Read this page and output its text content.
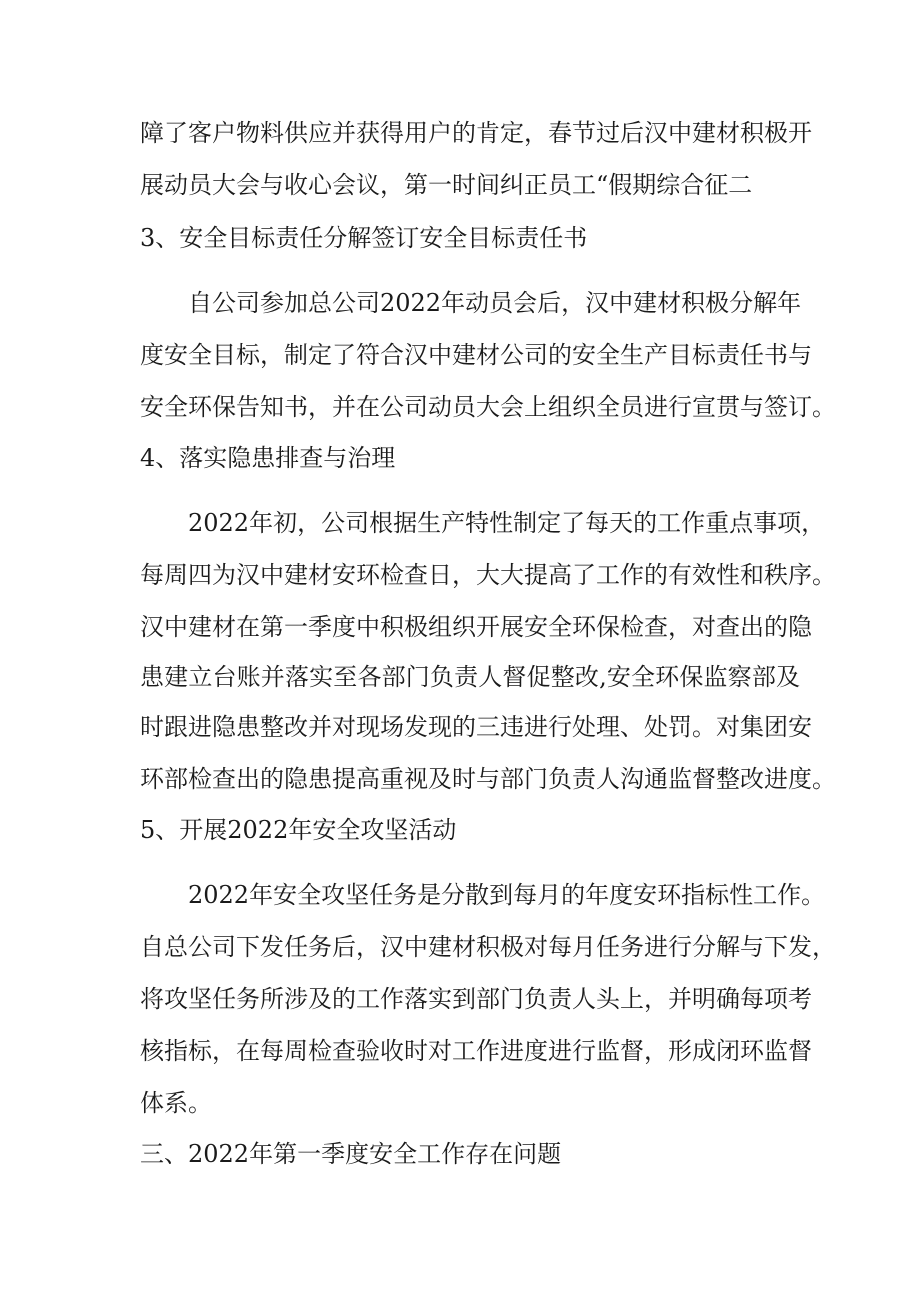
障了客户物料供应并获得用户的肯定，春节过后汉中建材积极开

展动员大会与收心会议，第一时间纠正员工“假期综合征二

3、安全目标责任分解签订安全目标责任书

自公司参加总公司2022年动员会后，汉中建材积极分解年

度安全目标，制定了符合汉中建材公司的安全生产目标责任书与

安全环保告知书，并在公司动员大会上组织全员进行宣贯与签订。

4、落实隐患排查与治理

2022年初，公司根据生产特性制定了每天的工作重点事项，

每周四为汉中建材安环检查日，大大提高了工作的有效性和秩序。

汉中建材在第一季度中积极组织开展安全环保检查，对查出的隐

患建立台账并落实至各部门负责人督促整改,安全环保监察部及

时跟进隐患整改并对现场发现的三违进行处理、处罚。对集团安

环部检查出的隐患提高重视及时与部门负责人沟通监督整改进度。

5、开展2022年安全攻坚活动

2022年安全攻坚任务是分散到每月的年度安环指标性工作。

自总公司下发任务后，汉中建材积极对每月任务进行分解与下发，

将攻坚任务所涉及的工作落实到部门负责人头上，并明确每项考

核指标，在每周检查验收时对工作进度进行监督，形成闭环监督

体系。

三、2022年第一季度安全工作存在问题
